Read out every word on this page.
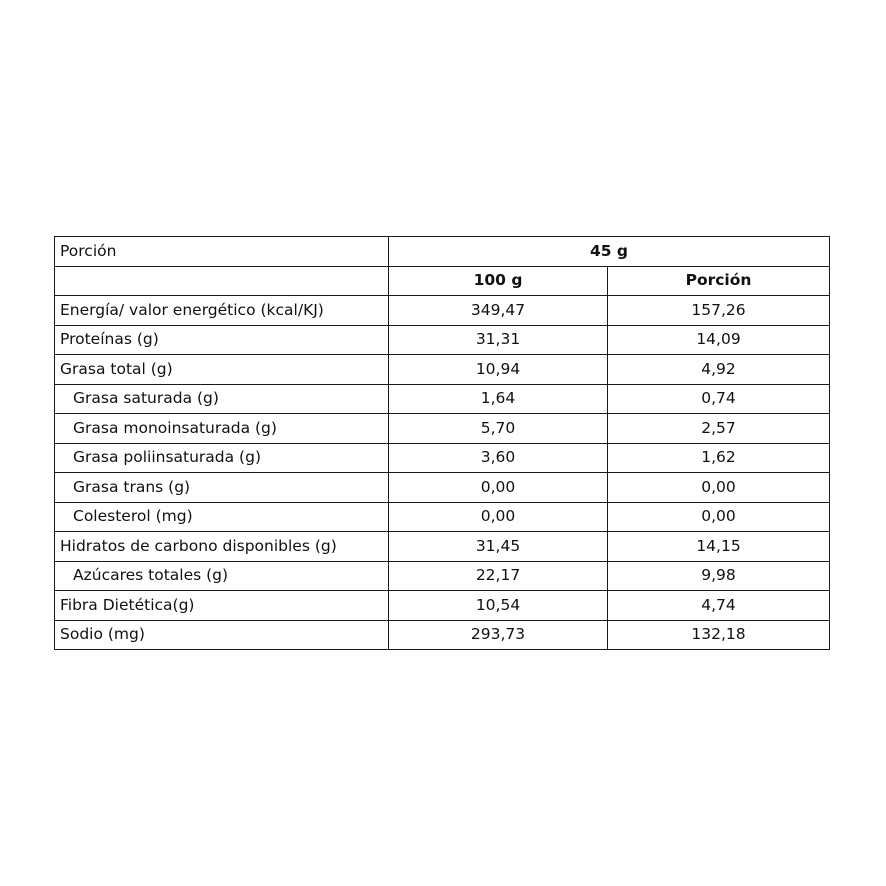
Porción	45 g	
	100 g	Porción
Energía/ valor energético (kcal/KJ)	349,47	157,26
Proteínas (g)	31,31	14,09
Grasa total (g)	10,94	4,92
Grasa saturada (g)	1,64	0,74
Grasa monoinsaturada (g)	5,70	2,57
Grasa poliinsaturada (g)	3,60	1,62
Grasa trans (g)	0,00	0,00
Colesterol (mg)	0,00	0,00
Hidratos de carbono disponibles (g)	31,45	14,15
Azúcares totales (g)	22,17	9,98
Fibra Dietética(g)	10,54	4,74
Sodio (mg)	293,73	132,18
